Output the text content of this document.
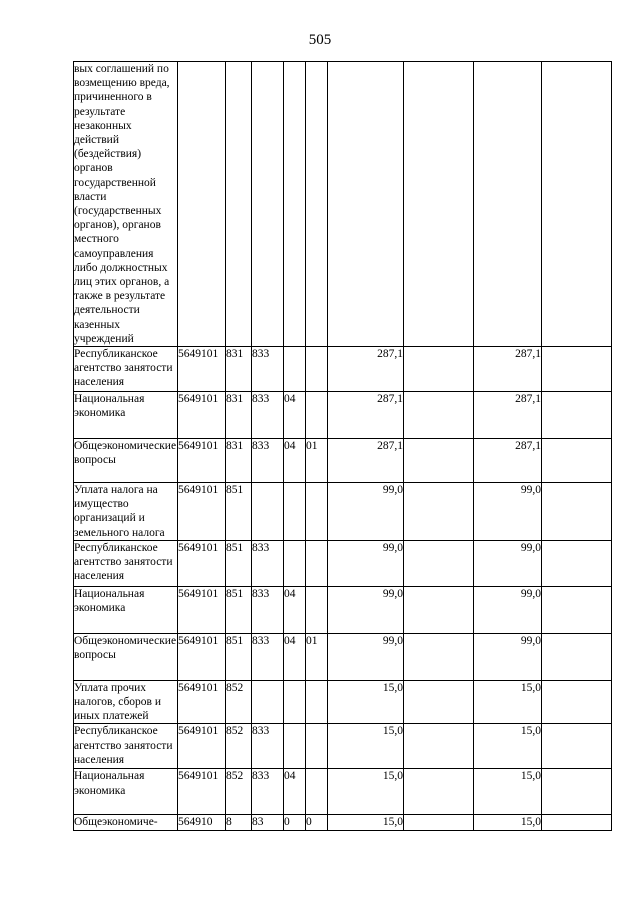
505
вых соглашений по возмещению вреда, причиненного в результате незаконных действий (бездействия) органов государственной власти (государственных органов), органов местного самоуправления либо должностных лиц этих органов, а также в результате деятельности казенных учреждений									
Республиканское агентство занятости населения	5649101	831	833			287,1		287,1	
Национальная экономика	5649101	831	833	04		287,1		287,1	
Общеэкономические вопросы	5649101	831	833	04	01	287,1		287,1	
Уплата налога на имущество организаций и земельного налога	5649101	851				99,0		99,0	
Республиканское агентство занятости населения	5649101	851	833			99,0		99,0	
Национальная экономика	5649101	851	833	04		99,0		99,0	
Общеэкономические вопросы	5649101	851	833	04	01	99,0		99,0	
Уплата прочих налогов, сборов и иных платежей	5649101	852				15,0		15,0	
Республиканское агентство занятости населения	5649101	852	833			15,0		15,0	
Национальная экономика	5649101	852	833	04		15,0		15,0	
Общеэкономиче-	564910	8	83	0	0	15,0		15,0	
